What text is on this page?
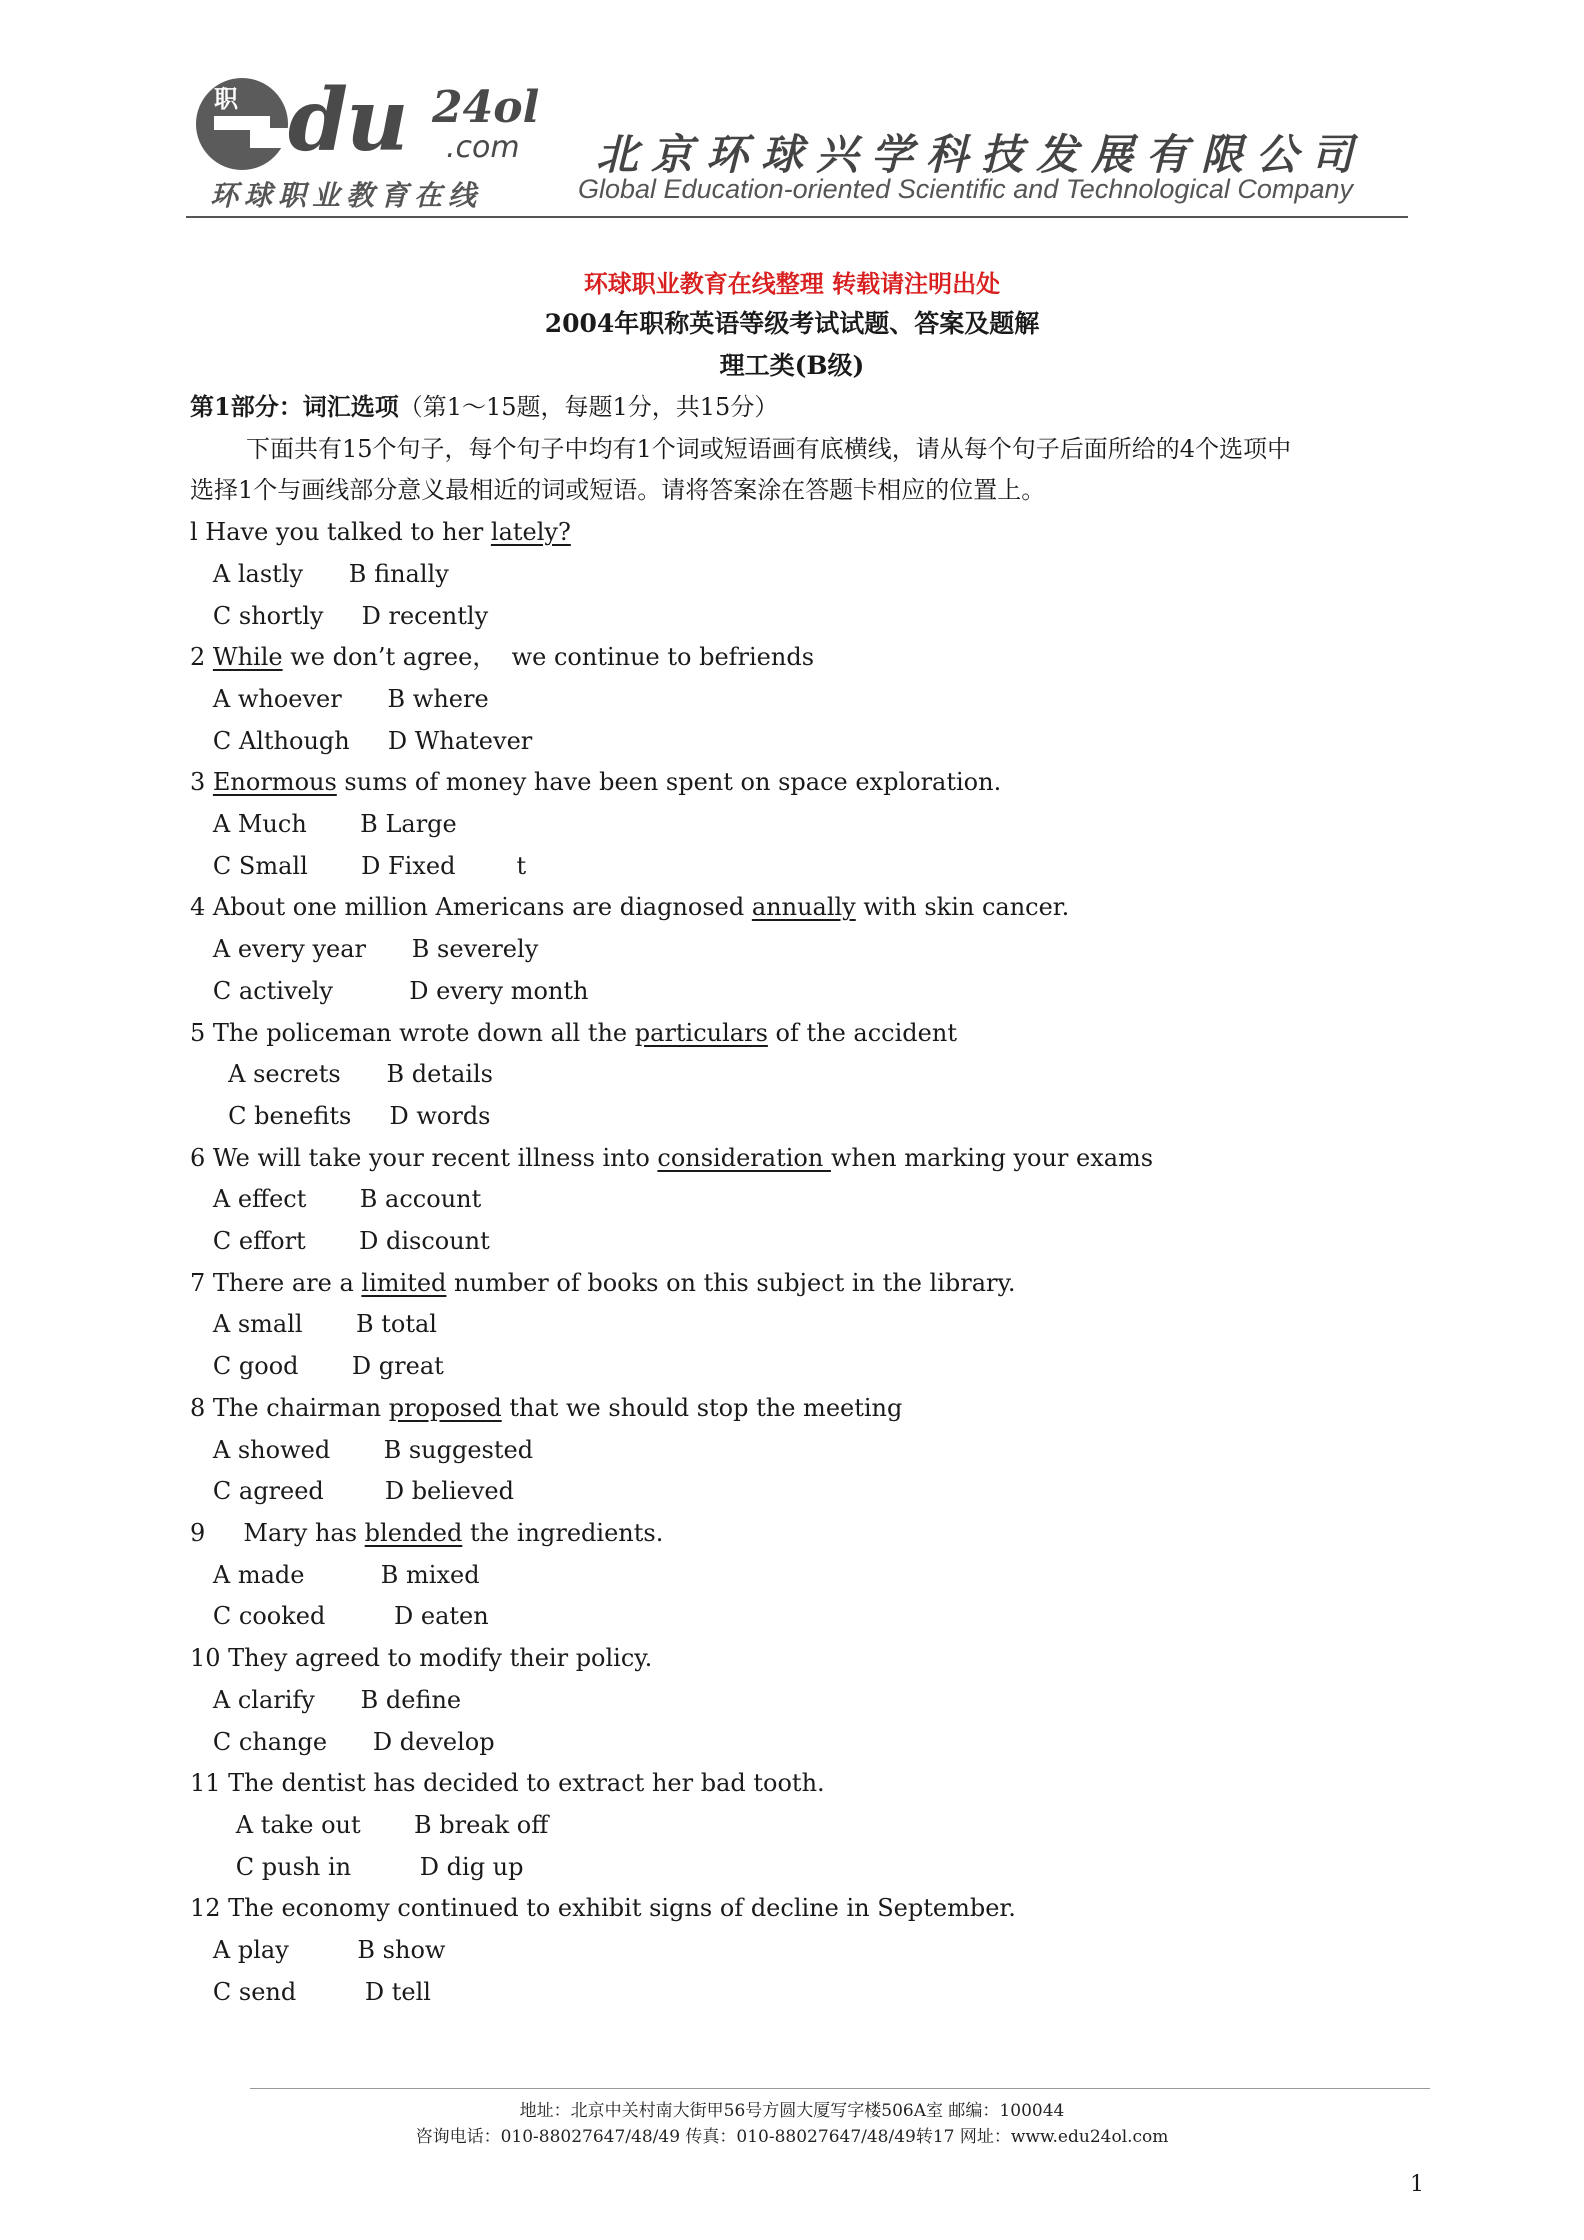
职 du 24ol
.com
环球职业教育在线
北京环球兴学科技发展有限公司
Global Education-oriented Scientific and Technological Company
环球职业教育在线整理 转载请注明出处
2004年职称英语等级考试试题、答案及题解
理工类(B级)
第1部分：词汇选项（第1～15题，每题1分，共15分）
下面共有15个句子，每个句子中均有1个词或短语画有底横线，请从每个句子后面所给的4个选项中选择1个与画线部分意义最相近的词或短语。请将答案涂在答题卡相应的位置上。
l Have you talked to her lately?
A lastly      B finally
C shortly     D recently
2 While we don’t agree，  we continue to befriends
A whoever      B where
C Although     D Whatever
3 Enormous sums of money have been spent on space exploration.
A Much       B Large
C Small       D Fixed        t
4 About one million Americans are diagnosed annually with skin cancer.
A every year      B severely
C actively          D every month
5 The policeman wrote down all the particulars of the accident
A secrets      B details
C benefits     D words
6 We will take your recent illness into consideration when marking your exams
A effect       B account
C effort       D discount
7 There are a limited number of books on this subject in the library.
A small       B total
C good       D great
8 The chairman proposed that we should stop the meeting
A showed       B suggested
C agreed        D believed
9     Mary has blended the ingredients.
A made          B mixed
C cooked         D eaten
10 They agreed to modify their policy.
A clarify      B define
C change      D develop
11 The dentist has decided to extract her bad tooth.
A take out       B break off
C push in         D dig up
12 The economy continued to exhibit signs of decline in September.
A play         B show
C send         D tell
地址：北京中关村南大街甲56号方圆大厦写字楼506A室 邮编：100044
咨询电话：010-88027647/48/49 传真：010-88027647/48/49转17 网址：www.edu24ol.com
1
